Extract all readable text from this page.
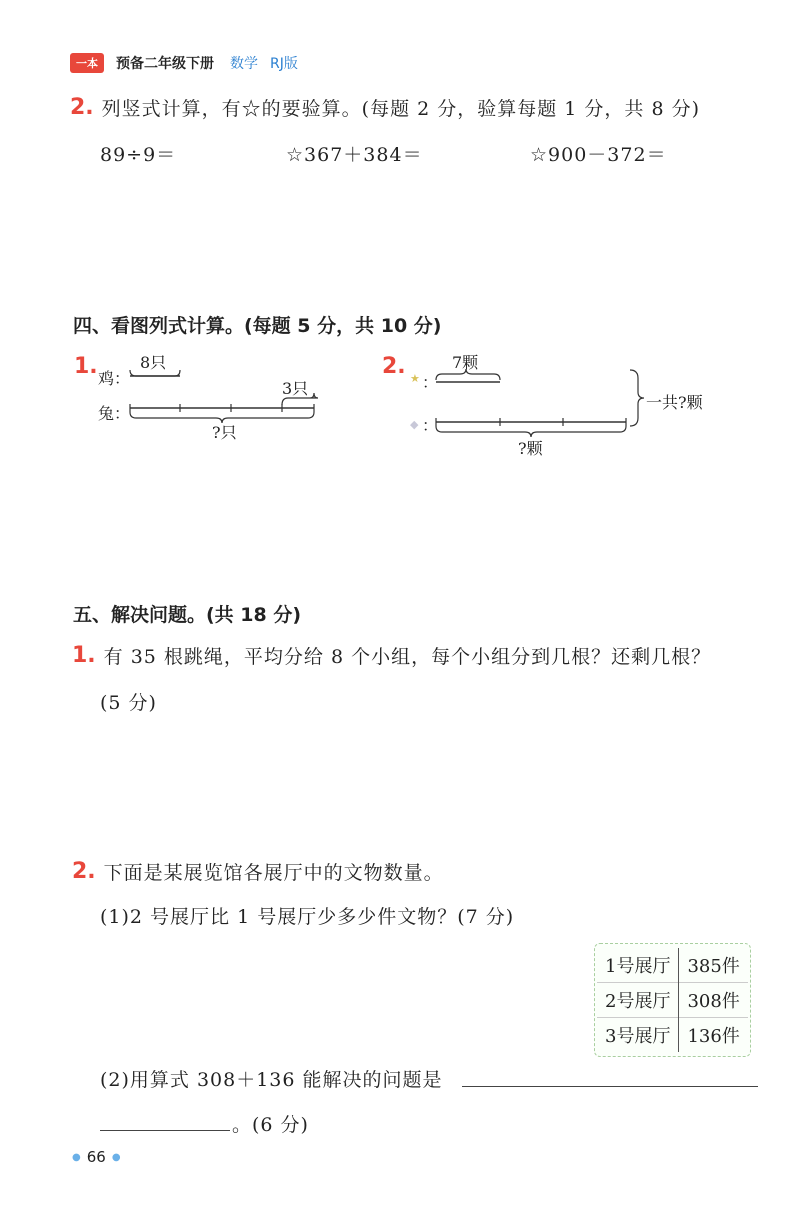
一本	预备二年级下册 数学 RJ版
2. 列竖式计算，有☆的要验算。(每题 2 分，验算每题 1 分，共 8 分)
89÷9＝	☆367＋384＝	☆900－372＝
四、看图列式计算。(每题 5 分，共 10 分)
1. 鸡：
8只
兔：
3只
?只
2. ★ ：
7颗
◆ ：
?颗
一共?颗
五、解决问题。(共 18 分)
1. 有 35 根跳绳，平均分给 8 个小组，每个小组分到几根？还剩几根？
(5 分)
2. 下面是某展览馆各展厅中的文物数量。
(1)2 号展厅比 1 号展厅少多少件文物？(7 分)
1号展厅	385件
2号展厅	308件
3号展厅	136件
(2)用算式 308＋136 能解决的问题是
。(6 分)
● 66 ●
